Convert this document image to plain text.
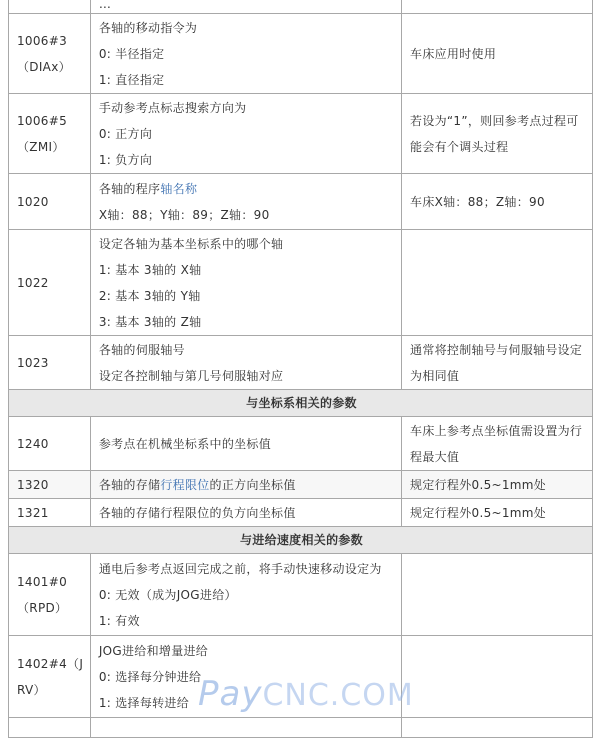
	…	
1006#3（DIAx）	各轴的移动指令为
0: 半径指定
1: 直径指定	车床应用时使用
1006#5（ZMI）	手动参考点标志搜索方向为
0: 正方向
1: 负方向	若设为“1”，则回参考点过程可能会有个调头过程
1020	各轴的程序轴名称
X轴：88；Y轴：89；Z轴：90	车床X轴：88；Z轴：90
1022	设定各轴为基本坐标系中的哪个轴
1: 基本 3轴的 X轴
2: 基本 3轴的 Y轴
3: 基本 3轴的 Z轴	

1023	各轴的伺服轴号
设定各控制轴与第几号伺服轴对应	通常将控制轴号与伺服轴号设定为相同值
与坐标系相关的参数		
1240	参考点在机械坐标系中的坐标值	车床上参考点坐标值需设置为行程最大值
1320	各轴的存储行程限位的正方向坐标值	规定行程外0.5~1mm处
1321	各轴的存储行程限位的负方向坐标值	规定行程外0.5~1mm处
与进给速度相关的参数		
1401#0（RPD）	通电后参考点返回完成之前，将手动快速移动设定为
0: 无效（成为JOG进给）
1: 有效	

1402#4（JRV）	JOG进给和增量进给
0: 选择每分钟进给
1: 选择每转进给	

		PayCNC.COM
